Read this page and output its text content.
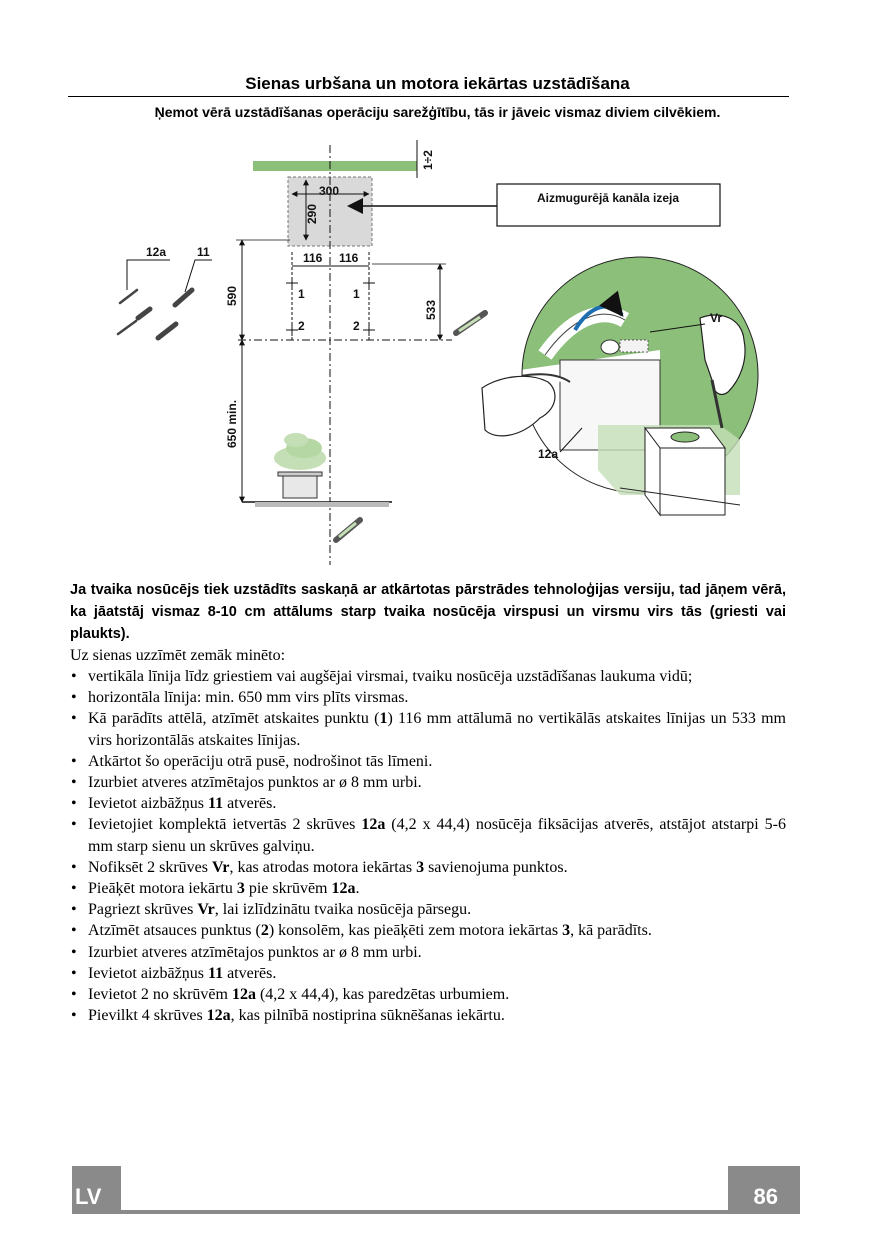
Sienas urbšana un motora iekārtas uzstādīšana
Ņemot vērā uzstādīšanas operāciju sarežģītību, tās ir jāveic vismaz diviem cilvēkiem.
1÷2
300
290
Aizmugurējā kanāla izeja
116 116
1	1
2	2
590
533
650 min.
12a	11
12a
Vr

Ja tvaika nosūcējs tiek uzstādīts saskaņā ar atkārtotas pārstrādes tehnoloģijas versiju, tad jāņem vērā, ka jāatstāj vismaz 8-10 cm attālums starp tvaika nosūcēja virspusi un virsmu virs tās (griesti vai plaukts).

Uz sienas uzzīmēt zemāk minēto:

• vertikāla līnija līdz griestiem vai augšējai virsmai, tvaiku nosūcēja uzstādīšanas laukuma vidū;
• horizontāla līnija: min. 650 mm virs plīts virsmas.
• Kā parādīts attēlā, atzīmēt atskaites punktu (1) 116 mm attālumā no vertikālās atskaites līnijas un 533 mm virs horizontālās atskaites līnijas.
• Atkārtot šo operāciju otrā pusē, nodrošinot tās līmeni.
• Izurbiet atveres atzīmētajos punktos ar ø 8 mm urbi.
• Ievietot aizbāžņus 11 atverēs.
• Ievietojiet komplektā ietvertās 2 skrūves 12a (4,2 x 44,4) nosūcēja fiksācijas atverēs, atstājot atstarpi 5-6 mm starp sienu un skrūves galviņu.
• Nofiksēt 2 skrūves Vr, kas atrodas motora iekārtas 3 savienojuma punktos.
• Pieāķēt motora iekārtu 3 pie skrūvēm 12a.
• Pagriezt skrūves Vr, lai izlīdzinātu tvaika nosūcēja pārsegu.
• Atzīmēt atsauces punktus (2) konsolēm, kas pieāķēti zem motora iekārtas 3, kā parādīts.
• Izurbiet atveres atzīmētajos punktos ar ø 8 mm urbi.
• Ievietot aizbāžņus 11 atverēs.
• Ievietot 2 no skrūvēm 12a (4,2 x 44,4), kas paredzētas urbumiem.
• Pievilkt 4 skrūves 12a, kas pilnībā nostiprina sūknēšanas iekārtu.
LV	86
